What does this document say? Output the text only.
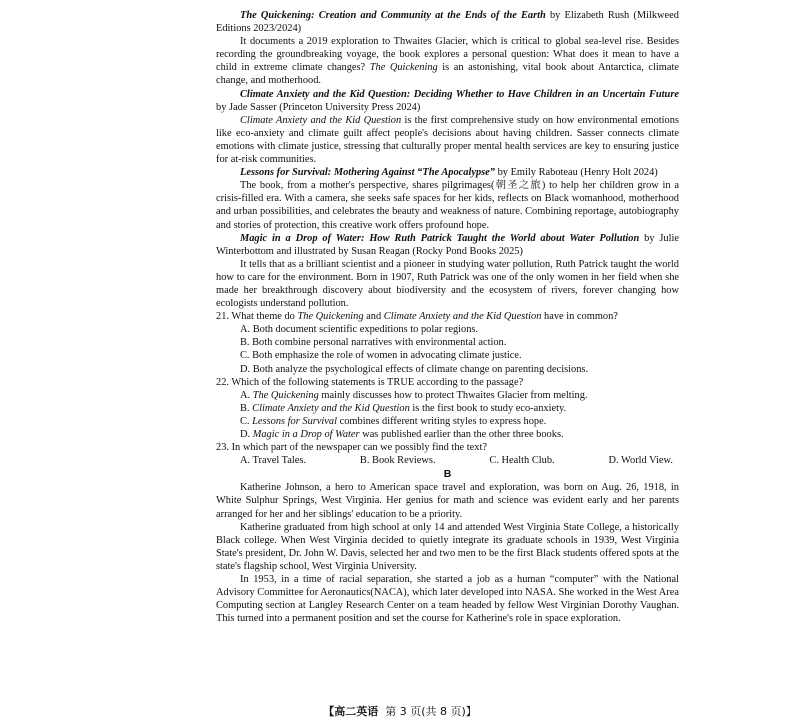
The Quickening: Creation and Community at the Ends of the Earth by Elizabeth Rush (Milkweed Editions 2023/2024)

It documents a 2019 exploration to Thwaites Glacier, which is critical to global sea-level rise. Besides recording the groundbreaking voyage, the book explores a personal question: What does it mean to have a child in extreme climate changes? The Quickening is an astonishing, vital book about Antarctica, climate change, and motherhood.

Climate Anxiety and the Kid Question: Deciding Whether to Have Children in an Uncertain Future by Jade Sasser (Princeton University Press 2024)

Climate Anxiety and the Kid Question is the first comprehensive study on how environmental emotions like eco-anxiety and climate guilt affect people's decisions about having children. Sasser connects climate emotions with climate justice, stressing that culturally proper mental health services are key to ensuring justice for at-risk communities.

Lessons for Survival: Mothering Against “The Apocalypse” by Emily Raboteau (Henry Holt 2024)

The book, from a mother's perspective, shares pilgrimages(朝圣之旅) to help her children grow in a crisis-filled era. With a camera, she seeks safe spaces for her kids, reflects on Black womanhood, motherhood and urban possibilities, and celebrates the beauty and weakness of nature. Combining reportage, autobiography and stories of protection, this creative work offers profound hope.

Magic in a Drop of Water: How Ruth Patrick Taught the World about Water Pollution by Julie Winterbottom and illustrated by Susan Reagan (Rocky Pond Books 2025)

It tells that as a brilliant scientist and a pioneer in studying water pollution, Ruth Patrick taught the world how to care for the environment. Born in 1907, Ruth Patrick was one of the only women in her field when she made her breakthrough discovery about biodiversity and the ecosystem of rivers, forever changing how ecologists understand pollution.

21. What theme do The Quickening and Climate Anxiety and the Kid Question have in common?

A. Both document scientific expeditions to polar regions.

B. Both combine personal narratives with environmental action.

C. Both emphasize the role of women in advocating climate justice.

D. Both analyze the psychological effects of climate change on parenting decisions.

22. Which of the following statements is TRUE according to the passage?

A. The Quickening mainly discusses how to protect Thwaites Glacier from melting.

B. Climate Anxiety and the Kid Question is the first book to study eco-anxiety.

C. Lessons for Survival combines different writing styles to express hope.

D. Magic in a Drop of Water was published earlier than the other three books.

23. In which part of the newspaper can we possibly find the text?

A. Travel Tales.	B. Book Reviews.	C. Health Club.	D. World View.
B

Katherine Johnson, a hero to American space travel and exploration, was born on Aug. 26, 1918, in White Sulphur Springs, West Virginia. Her genius for math and science was evident early and her parents arranged for her and her siblings' education to be a priority.

Katherine graduated from high school at only 14 and attended West Virginia State College, a historically Black college. When West Virginia decided to quietly integrate its graduate schools in 1939, West Virginia State's president, Dr. John W. Davis, selected her and two men to be the first Black students offered spots at the state's flagship school, West Virginia University.

In 1953, in a time of racial separation, she started a job as a human “computer” with the National Advisory Committee for Aeronautics(NACA), which later developed into NASA. She worked in the West Area Computing section at Langley Research Center on a team headed by fellow West Virginian Dorothy Vaughan. This turned into a permanent position and set the course for Katherine's role in space exploration.

【高二英语 第 3 页(共 8 页)】
